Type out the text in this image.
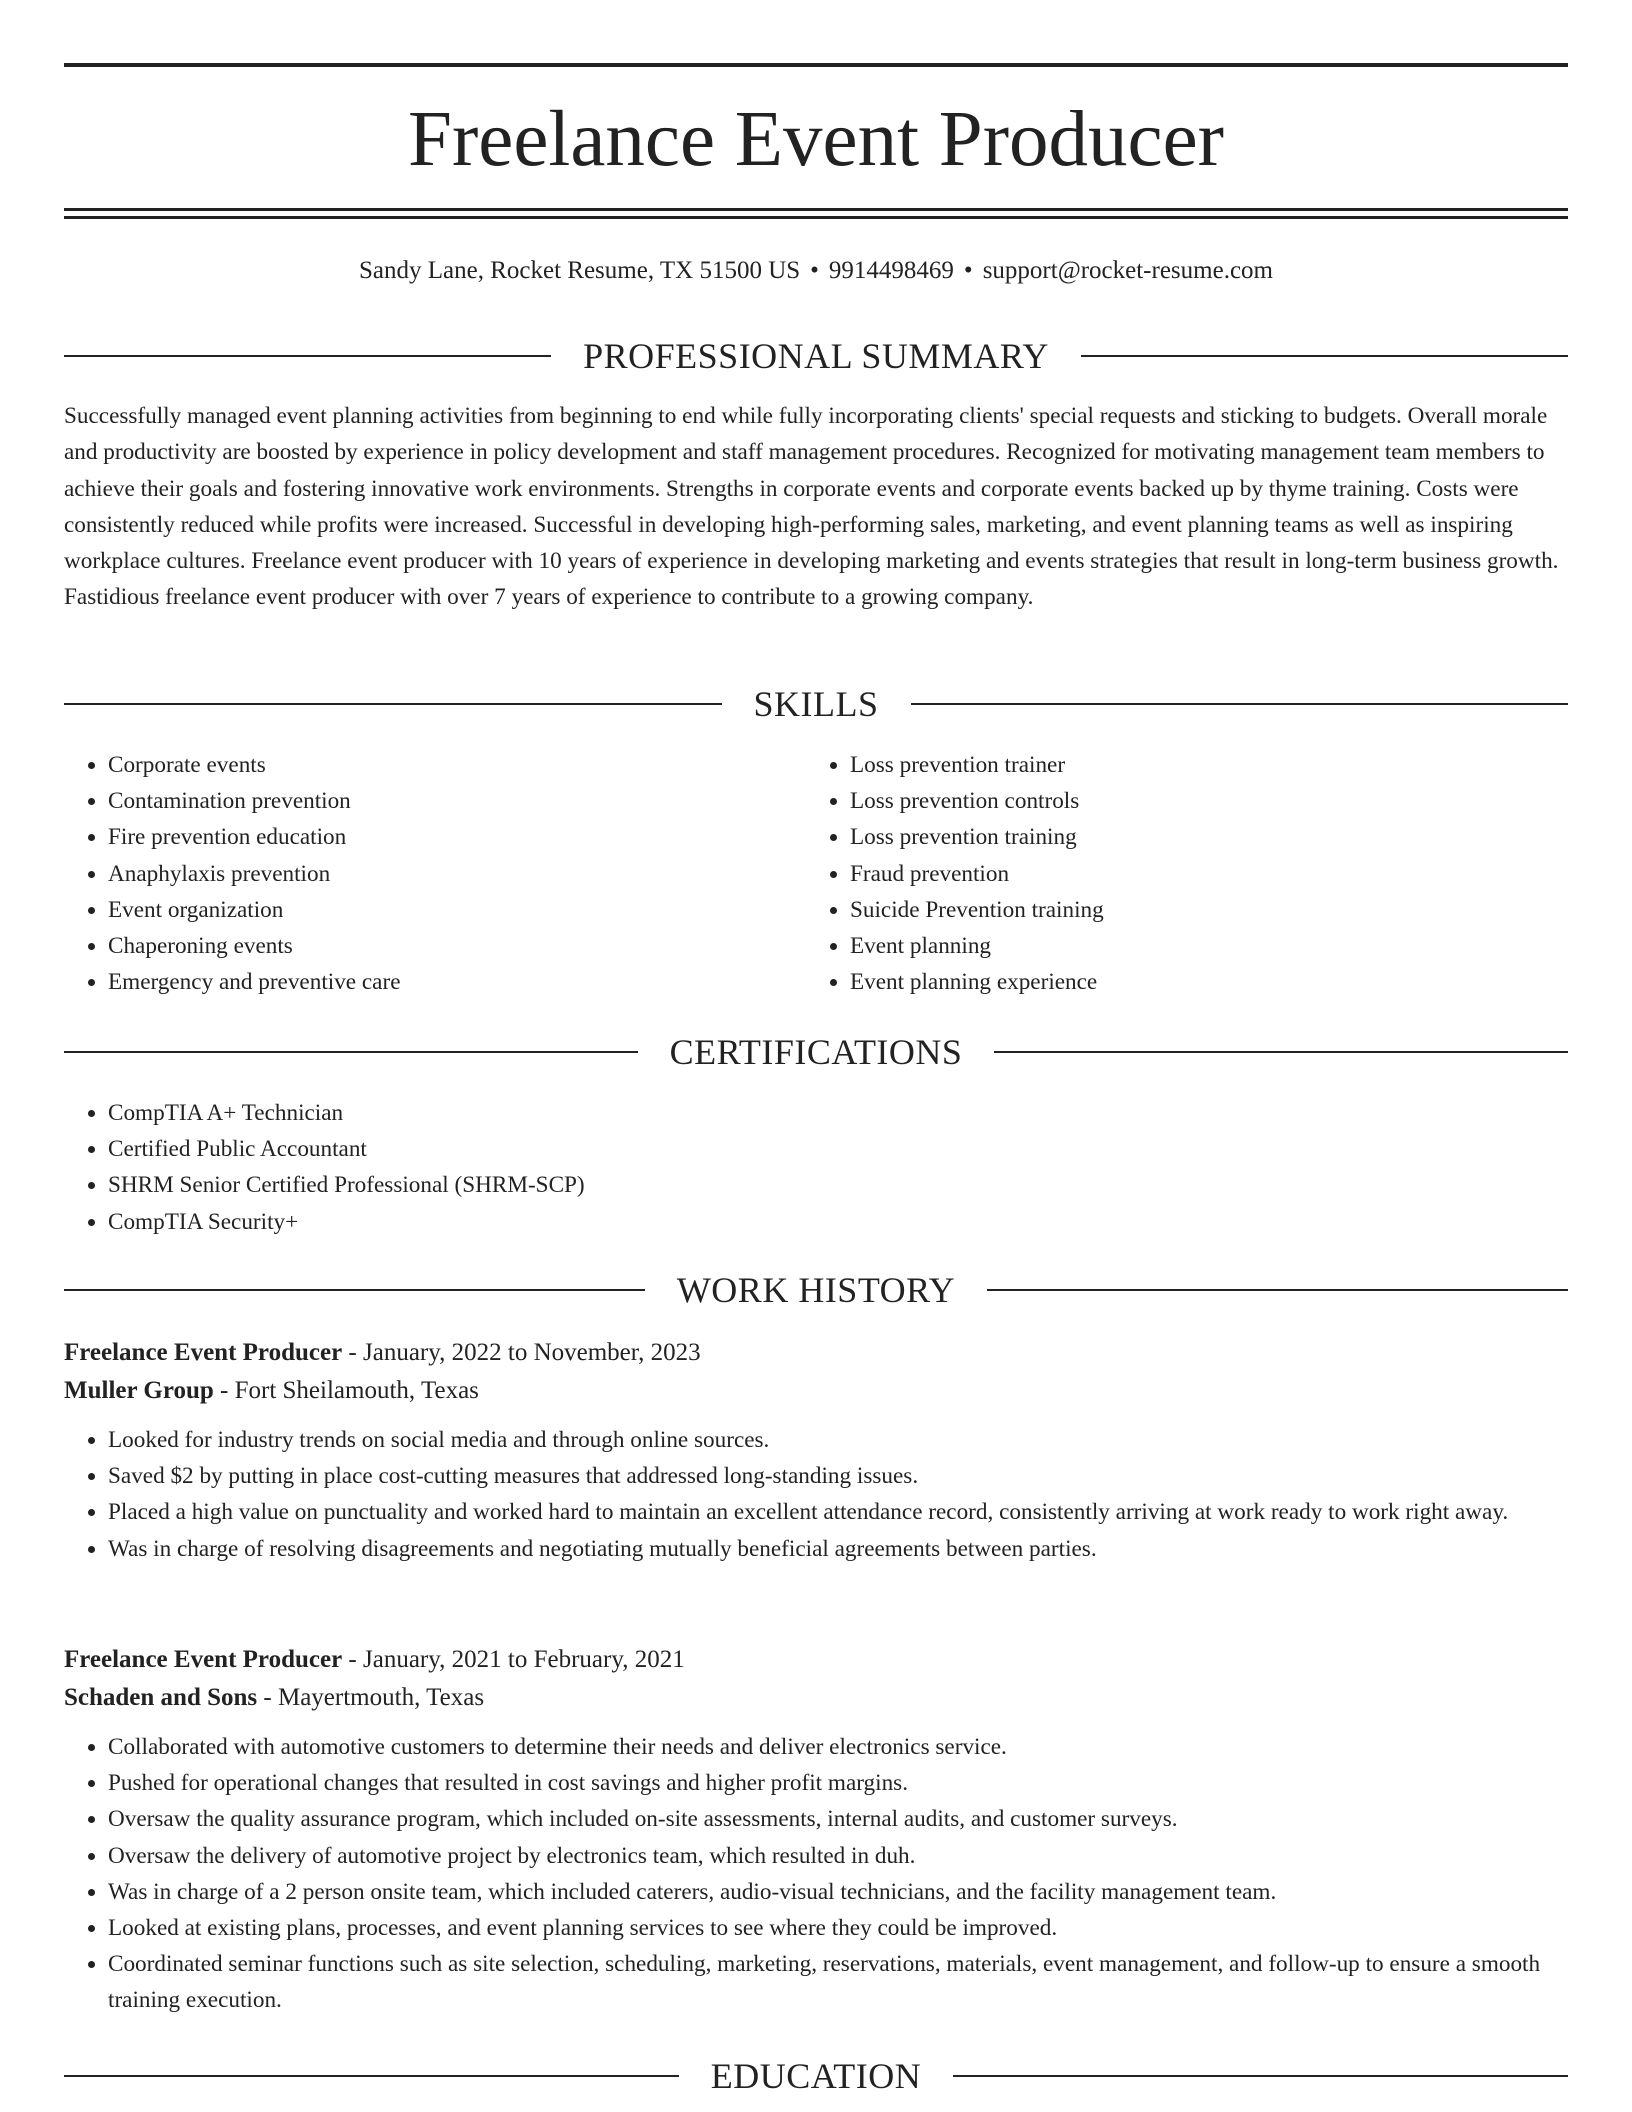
Freelance Event Producer
Sandy Lane, Rocket Resume, TX 51500 US • 9914498469 • support@rocket-resume.com
PROFESSIONAL SUMMARY

Successfully managed event planning activities from beginning to end while fully incorporating clients' special requests and sticking to budgets. Overall morale and productivity are boosted by experience in policy development and staff management procedures. Recognized for motivating management team members to achieve their goals and fostering innovative work environments. Strengths in corporate events and corporate events backed up by thyme training. Costs were consistently reduced while profits were increased. Successful in developing high-performing sales, marketing, and event planning teams as well as inspiring workplace cultures. Freelance event producer with 10 years of experience in developing marketing and events strategies that result in long-term business growth. Fastidious freelance event producer with over 7 years of experience to contribute to a growing company.

SKILLS
• Corporate events
• Contamination prevention
• Fire prevention education
• Anaphylaxis prevention
• Event organization
• Chaperoning events
• Emergency and preventive care
• Loss prevention trainer
• Loss prevention controls
• Loss prevention training
• Fraud prevention
• Suicide Prevention training
• Event planning
• Event planning experience
CERTIFICATIONS
• CompTIA A+ Technician
• Certified Public Accountant
• SHRM Senior Certified Professional (SHRM-SCP)
• CompTIA Security+
WORK HISTORY
Freelance Event Producer - January, 2022 to November, 2023
Muller Group - Fort Sheilamouth, Texas
• Looked for industry trends on social media and through online sources.
• Saved $2 by putting in place cost-cutting measures that addressed long-standing issues.
• Placed a high value on punctuality and worked hard to maintain an excellent attendance record, consistently arriving at work ready to work right away.
• Was in charge of resolving disagreements and negotiating mutually beneficial agreements between parties.
Freelance Event Producer - January, 2021 to February, 2021
Schaden and Sons - Mayertmouth, Texas
• Collaborated with automotive customers to determine their needs and deliver electronics service.
• Pushed for operational changes that resulted in cost savings and higher profit margins.
• Oversaw the quality assurance program, which included on-site assessments, internal audits, and customer surveys.
• Oversaw the delivery of automotive project by electronics team, which resulted in duh.
• Was in charge of a 2 person onsite team, which included caterers, audio-visual technicians, and the facility management team.
• Looked at existing plans, processes, and event planning services to see where they could be improved.
• Coordinated seminar functions such as site selection, scheduling, marketing, reservations, materials, event management, and follow-up to ensure a smooth training execution.
EDUCATION
